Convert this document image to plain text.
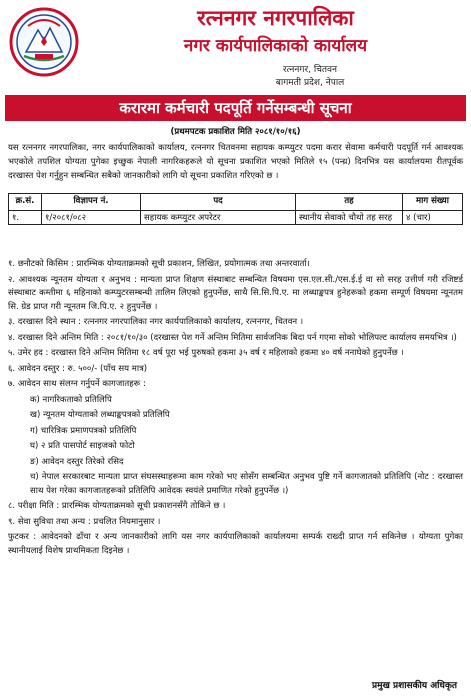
रत्ननगर नगरपालिका
नगर कार्यपालिकाको कार्यालय
रत्ननगर, चितवन
बागमती प्रदेश, नेपाल
करारमा कर्मचारी पदपूर्ति गर्नेसम्बन्धी सूचना
(प्रथमपटक प्रकाशित मिति २०८१/१०/१६)
यस रत्ननगर नगरपालिका, नगर कार्यपालिकाको कार्यालय, रत्ननगर चितवनमा सहायक कम्प्युटर पदमा करार सेवामा कर्मचारी पदपूर्ति गर्न आवश्यक भएकोले तपशिल योग्यता पुगेका इच्छुक नेपाली नागरिकहरूले यो सूचना प्रकाशित भएको मितिले १५ (पन्ध्र) दिनभित्र यस कार्यालयमा रीतपूर्वक दरखास्त पेश गर्नुहुन सम्बन्धित सबैको जानकारीको लागि यो सूचना प्रकाशित गरिएको छ ।
क्र.सं.	विज्ञापन नं.	पद	तह	माग संख्या
१.	१/२०८१/०८२	सहायक कम्प्युटर अपरेटर	स्थानीय सेवाको चौथो तह सरह	४ (चार)

१. छनौटको किसिम : प्रारम्भिक योग्यताक्रमको सूची प्रकाशन, लिखित, प्रयोगात्मक तथा अन्तरवार्ता।

२. आवश्यक न्यूनतम योग्यता र अनुभव : मान्यता प्राप्त शिक्षण संस्थाबाट सम्बन्धित विषयमा एस.एल.सी./एस.ई.ई वा सो सरह उत्तीर्ण गरी रजिष्टर्ड संस्थाबाट कम्तीमा ६ महिनाको कम्प्युटरसम्बन्धी तालिम लिएको हुनुपर्नेछ, साथै सि.सि.पि.ए. मा लब्धाङ्कपत्र हुनेहरूको हकमा सम्पूर्ण विषयमा न्यूनतम सि. ग्रेड प्राप्त गरी न्यूनतम जि.पि.ए. २ हुनुपर्नेछ ।

३. दरखास्त दिने स्थान : रत्ननगर नगरपालिका नगर कार्यपालिकाको कार्यालय, रत्ननगर, चितवन ।

४. दरखास्त दिने अन्तिम मिति : २०८१/१०/३० (दरखास्त पेश गर्ने अन्तिम मितिमा सार्वजनिक बिदा पर्न गएमा सोको भोलिपल्ट कार्यालय समयभित्र ।)

५. उमेर हद : दरखास्त दिने अन्तिम मितिमा १८ वर्ष पूरा भई पुरुषको हकमा ३५ वर्ष र महिलाको हकमा ४० वर्ष ननाघेको हुनुपर्नेछ ।

६. आवेदन दस्तुर : रु. ५००/- (पाँच सय मात्र)

७. आवेदन साथ संलग्न गर्नुपर्ने कागजातहरू :

क) नागरिकताको प्रतिलिपि

ख) न्यूनतम योग्यताको लब्धाङ्कपत्रको प्रतिलिपि

ग) चारित्रिक प्रमाणपत्रको प्रतिलिपि

घ) २ प्रति पासपोर्ट साइजको फोटो

ङ) आवेदन दस्तुर तिरेको रसिद

च) नेपाल सरकारबाट मान्यता प्राप्त संघसस्थाहरूमा काम गरेको भए सोसँग सम्बन्धित अनुभव पुष्टि गर्ने कागजातको प्रतिलिपि (नोट : दरखास्त साथ पेश गरेका कागजातहरूको प्रतिलिपि आवेदक स्वयंले प्रमाणित गरेको हुनुपर्नेछ ।)

८. परीक्षा मिति : प्रारम्भिक योग्यताक्रमको सूची प्रकाशनसँगै तोकिने छ ।

९. सेवा सुविधा तथा अन्य : प्रचलित नियमानुसार ।

फुटकर : आवेदनको ढाँचा र अन्य जानकारीको लागि यस नगर कार्यपालिकाको कार्यालयमा सम्पर्क राख्दी प्राप्त गर्न सकिनेछ । योग्यता पुगेका स्थानीयलाई विशेष प्राथमिकता दिइनेछ ।

प्रमुख प्रशासकीय अधिकृत
